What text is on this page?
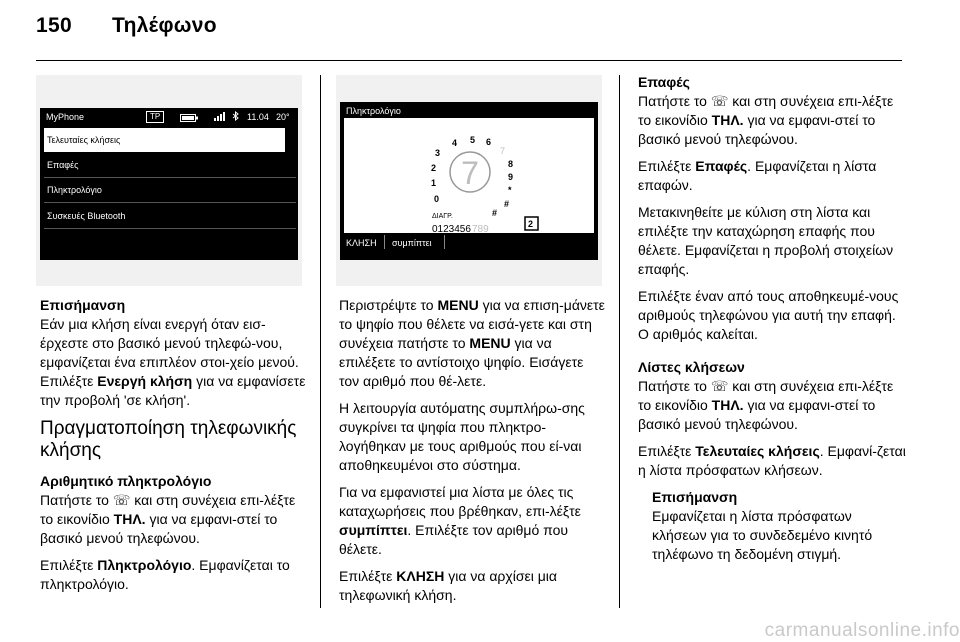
150 Τηλέφωνο
MyPhone	TP	11.04 20°
Τελευταίες κλήσεις
Επαφές
Πληκτρολόγιο
Συσκευές Bluetooth
Πληκτρολόγιο
7
3
4 5 6
2
1
0
7
8
9
*
#
#
ΔΙΑΓΡ.
0123456 789	2
ΚΛΗΣΗ συμπίπτει
Επισήμανση

Εάν μια κλήση είναι ενεργή όταν εισ-έρχεστε στο βασικό μενού τηλεφώ-νου, εμφανίζεται ένα επιπλέον στοι-χείο μενού. Επιλέξτε Ενεργή κλήση για να εμφανίσετε την προβολή 'σε κλήση'.

Πραγματοποίηση τηλεφωνικής κλήσης
Αριθμητικό πληκτρολόγιο

Πατήστε το ☏ και στη συνέχεια επι-λέξτε το εικονίδιο ΤΗΛ. για να εμφανι-στεί το βασικό μενού τηλεφώνου.

Επιλέξτε Πληκτρολόγιο. Εμφανίζεται το πληκτρολόγιο.

Περιστρέψτε το MENU για να επιση-μάνετε το ψηφίο που θέλετε να εισά-γετε και στη συνέχεια πατήστε το MENU για να επιλέξετε το αντίστοιχο ψηφίο. Εισάγετε τον αριθμό που θέ-λετε.

Η λειτουργία αυτόματης συμπλήρω-σης συγκρίνει τα ψηφία που πληκτρο-λογήθηκαν με τους αριθμούς που εί-ναι αποθηκευμένοι στο σύστημα.

Για να εμφανιστεί μια λίστα με όλες τις καταχωρήσεις που βρέθηκαν, επι-λέξτε συμπίπτει. Επιλέξτε τον αριθμό που θέλετε.

Επιλέξτε ΚΛΗΣΗ για να αρχίσει μια τηλεφωνική κλήση.

Επαφές

Πατήστε το ☏ και στη συνέχεια επι-λέξτε το εικονίδιο ΤΗΛ. για να εμφανι-στεί το βασικό μενού τηλεφώνου.

Επιλέξτε Επαφές. Εμφανίζεται η λίστα επαφών.

Μετακινηθείτε με κύλιση στη λίστα και επιλέξτε την καταχώρηση επαφής που θέλετε. Εμφανίζεται η προβολή στοιχείων επαφής.

Επιλέξτε έναν από τους αποθηκευμέ-νους αριθμούς τηλεφώνου για αυτή την επαφή. Ο αριθμός καλείται.

Λίστες κλήσεων

Πατήστε το ☏ και στη συνέχεια επι-λέξτε το εικονίδιο ΤΗΛ. για να εμφανι-στεί το βασικό μενού τηλεφώνου.

Επιλέξτε Τελευταίες κλήσεις. Εμφανί-ζεται η λίστα πρόσφατων κλήσεων.

Επισήμανση
Εμφανίζεται η λίστα πρόσφατων κλήσεων για το συνδεδεμένο κινητό τηλέφωνο τη δεδομένη στιγμή.
carmanualsonline.info
